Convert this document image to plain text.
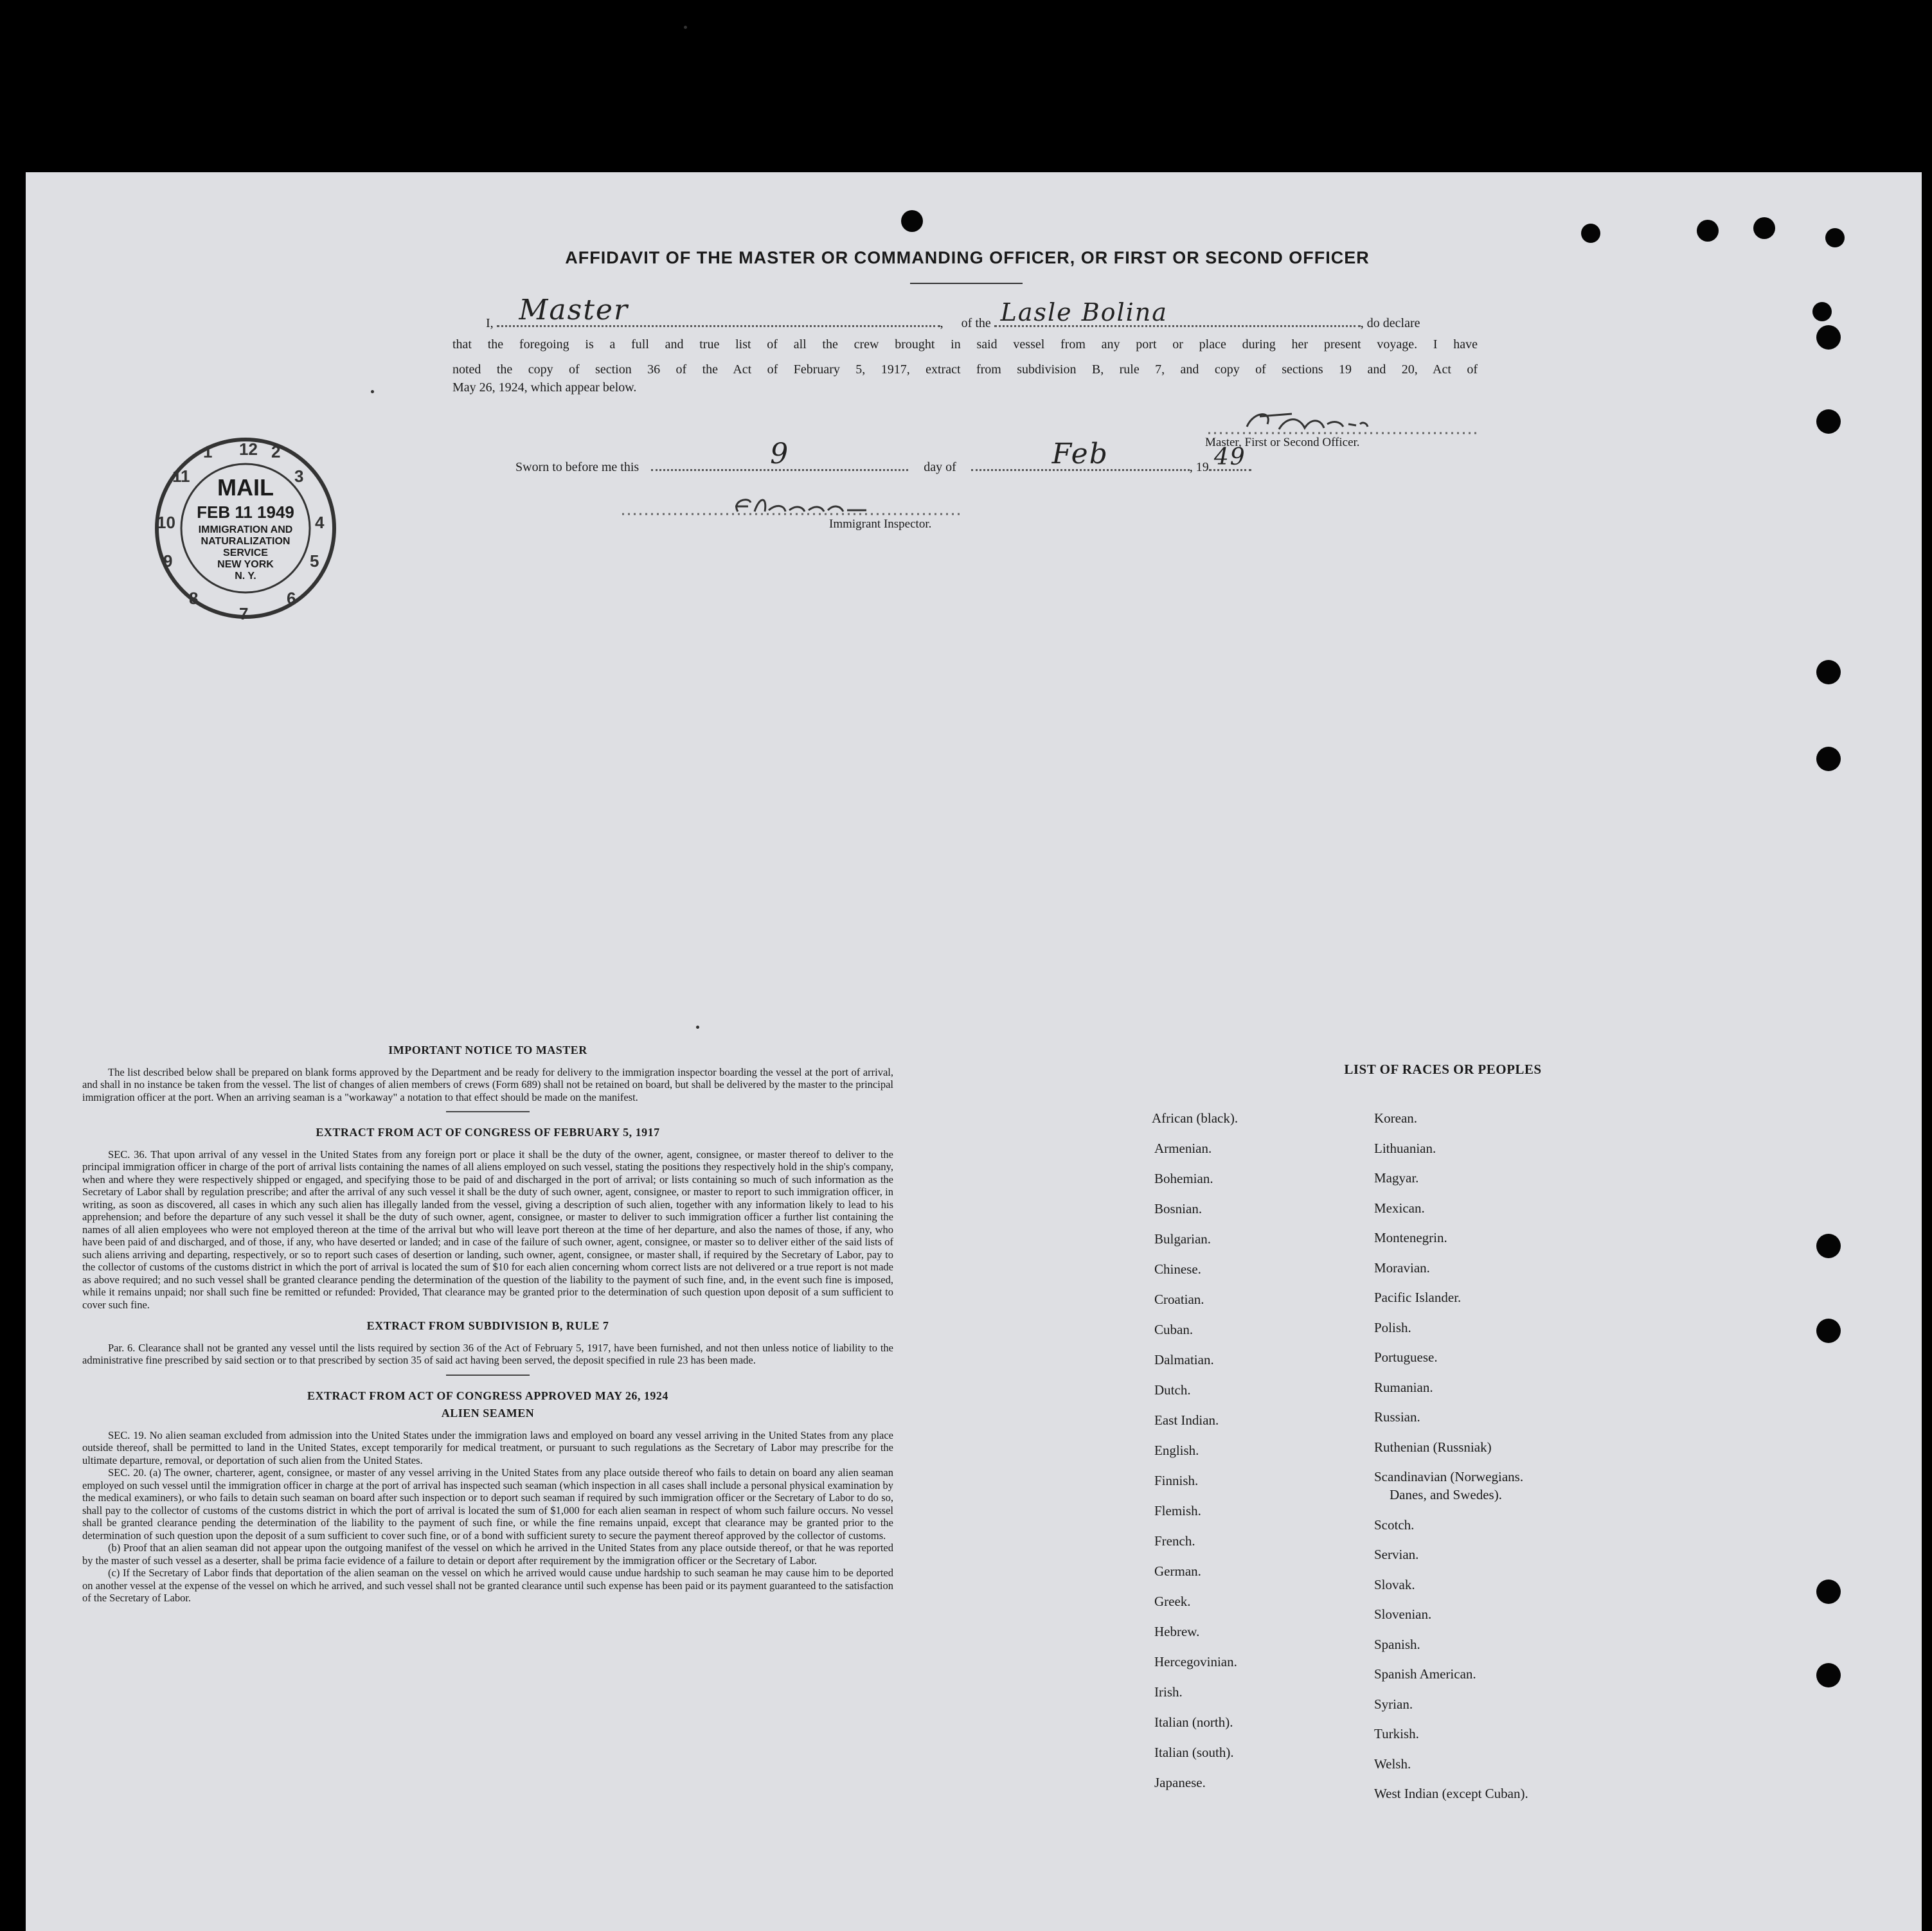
AFFIDAVIT OF THE MASTER OR COMMANDING OFFICER, OR FIRST OR SECOND OFFICER
I, Master	, of the Lasle Bolina	, do declare
that the foregoing is a full and true list of all the crew brought in said vessel from any port or place during her present voyage. I have
noted the copy of section 36 of the Act of February 5, 1917, extract from subdivision B, rule 7, and copy of sections 19 and 20, Act of
May 26, 1924, which appear below.
Master, First or Second Officer.
Sworn to before me this	9	day of	Feb	, 19 49
Immigrant Inspector.
12
3
4
5
6
7
8
9
10
11
1	2
MAIL
FEB 11 1949
IMMIGRATION AND
NATURALIZATION
SERVICE
NEW YORK
N. Y.
IMPORTANT NOTICE TO MASTER

The list described below shall be prepared on blank forms approved by the Department and be ready for delivery to the immigration inspector boarding the vessel at the port of arrival, and shall in no instance be taken from the vessel. The list of changes of alien members of crews (Form 689) shall not be retained on board, but shall be delivered by the master to the principal immigration officer at the port. When an arriving seaman is a "workaway" a notation to that effect should be made on the manifest.

EXTRACT FROM ACT OF CONGRESS OF FEBRUARY 5, 1917

SEC. 36. That upon arrival of any vessel in the United States from any foreign port or place it shall be the duty of the owner, agent, consignee, or master thereof to deliver to the principal immigration officer in charge of the port of arrival lists containing the names of all aliens employed on such vessel, stating the positions they respectively hold in the ship's company, when and where they were respectively shipped or engaged, and specifying those to be paid of and discharged in the port of arrival; or lists containing so much of such information as the Secretary of Labor shall by regulation prescribe; and after the arrival of any such vessel it shall be the duty of such owner, agent, consignee, or master to report to such immigration officer, in writing, as soon as discovered, all cases in which any such alien has illegally landed from the vessel, giving a description of such alien, together with any information likely to lead to his apprehension; and before the departure of any such vessel it shall be the duty of such owner, agent, consignee, or master to deliver to such immigration officer a further list containing the names of all alien employees who were not employed thereon at the time of the arrival but who will leave port thereon at the time of her departure, and also the names of those, if any, who have been paid of and discharged, and of those, if any, who have deserted or landed; and in case of the failure of such owner, agent, consignee, or master so to deliver either of the said lists of such aliens arriving and departing, respectively, or so to report such cases of desertion or landing, such owner, agent, consignee, or master shall, if required by the Secretary of Labor, pay to the collector of customs of the customs district in which the port of arrival is located the sum of $10 for each alien concerning whom correct lists are not delivered or a true report is not made as above required; and no such vessel shall be granted clearance pending the determination of the question of the liability to the payment of such fine, and, in the event such fine is imposed, while it remains unpaid; nor shall such fine be remitted or refunded: Provided, That clearance may be granted prior to the determination of such question upon deposit of a sum sufficient to cover such fine.

EXTRACT FROM SUBDIVISION B, RULE 7

Par. 6. Clearance shall not be granted any vessel until the lists required by section 36 of the Act of February 5, 1917, have been furnished, and not then unless notice of liability to the administrative fine prescribed by said section or to that prescribed by section 35 of said act having been served, the deposit specified in rule 23 has been made.

EXTRACT FROM ACT OF CONGRESS APPROVED MAY 26, 1924
ALIEN SEAMEN

SEC. 19. No alien seaman excluded from admission into the United States under the immigration laws and employed on board any vessel arriving in the United States from any place outside thereof, shall be permitted to land in the United States, except temporarily for medical treatment, or pursuant to such regulations as the Secretary of Labor may prescribe for the ultimate departure, removal, or deportation of such alien from the United States.

SEC. 20. (a) The owner, charterer, agent, consignee, or master of any vessel arriving in the United States from any place outside thereof who fails to detain on board any alien seaman employed on such vessel until the immigration officer in charge at the port of arrival has inspected such seaman (which inspection in all cases shall include a personal physical examination by the medical examiners), or who fails to detain such seaman on board after such inspection or to deport such seaman if required by such immigration officer or the Secretary of Labor to do so, shall pay to the collector of customs of the customs district in which the port of arrival is located the sum of $1,000 for each alien seaman in respect of whom such failure occurs. No vessel shall be granted clearance pending the determination of the liability to the payment of such fine, or while the fine remains unpaid, except that clearance may be granted prior to the determination of such question upon the deposit of a sum sufficient to cover such fine, or of a bond with sufficient surety to secure the payment thereof approved by the collector of customs.

(b) Proof that an alien seaman did not appear upon the outgoing manifest of the vessel on which he arrived in the United States from any place outside thereof, or that he was reported by the master of such vessel as a deserter, shall be prima facie evidence of a failure to detain or deport after requirement by the immigration officer or the Secretary of Labor.

(c) If the Secretary of Labor finds that deportation of the alien seaman on the vessel on which he arrived would cause undue hardship to such seaman he may cause him to be deported on another vessel at the expense of the vessel on which he arrived, and such vessel shall not be granted clearance until such expense has been paid or its payment guaranteed to the satisfaction of the Secretary of Labor.

LIST OF RACES OR PEOPLES
African (black).
Armenian.
Bohemian.
Bosnian.
Bulgarian.
Chinese.
Croatian.
Cuban.
Dalmatian.
Dutch.
East Indian.
English.
Finnish.
Flemish.
French.
German.
Greek.
Hebrew.
Hercegovinian.
Irish.
Italian (north).
Italian (south).
Japanese.
Korean.
Lithuanian.
Magyar.
Mexican.
Montenegrin.
Moravian.
Pacific Islander.
Polish.
Portuguese.
Rumanian.
Russian.
Ruthenian (Russniak)
Scandinavian (Norwegians.
Danes, and Swedes).
Scotch.
Servian.
Slovak.
Slovenian.
Spanish.
Spanish American.
Syrian.
Turkish.
Welsh.
West Indian (except Cuban).
